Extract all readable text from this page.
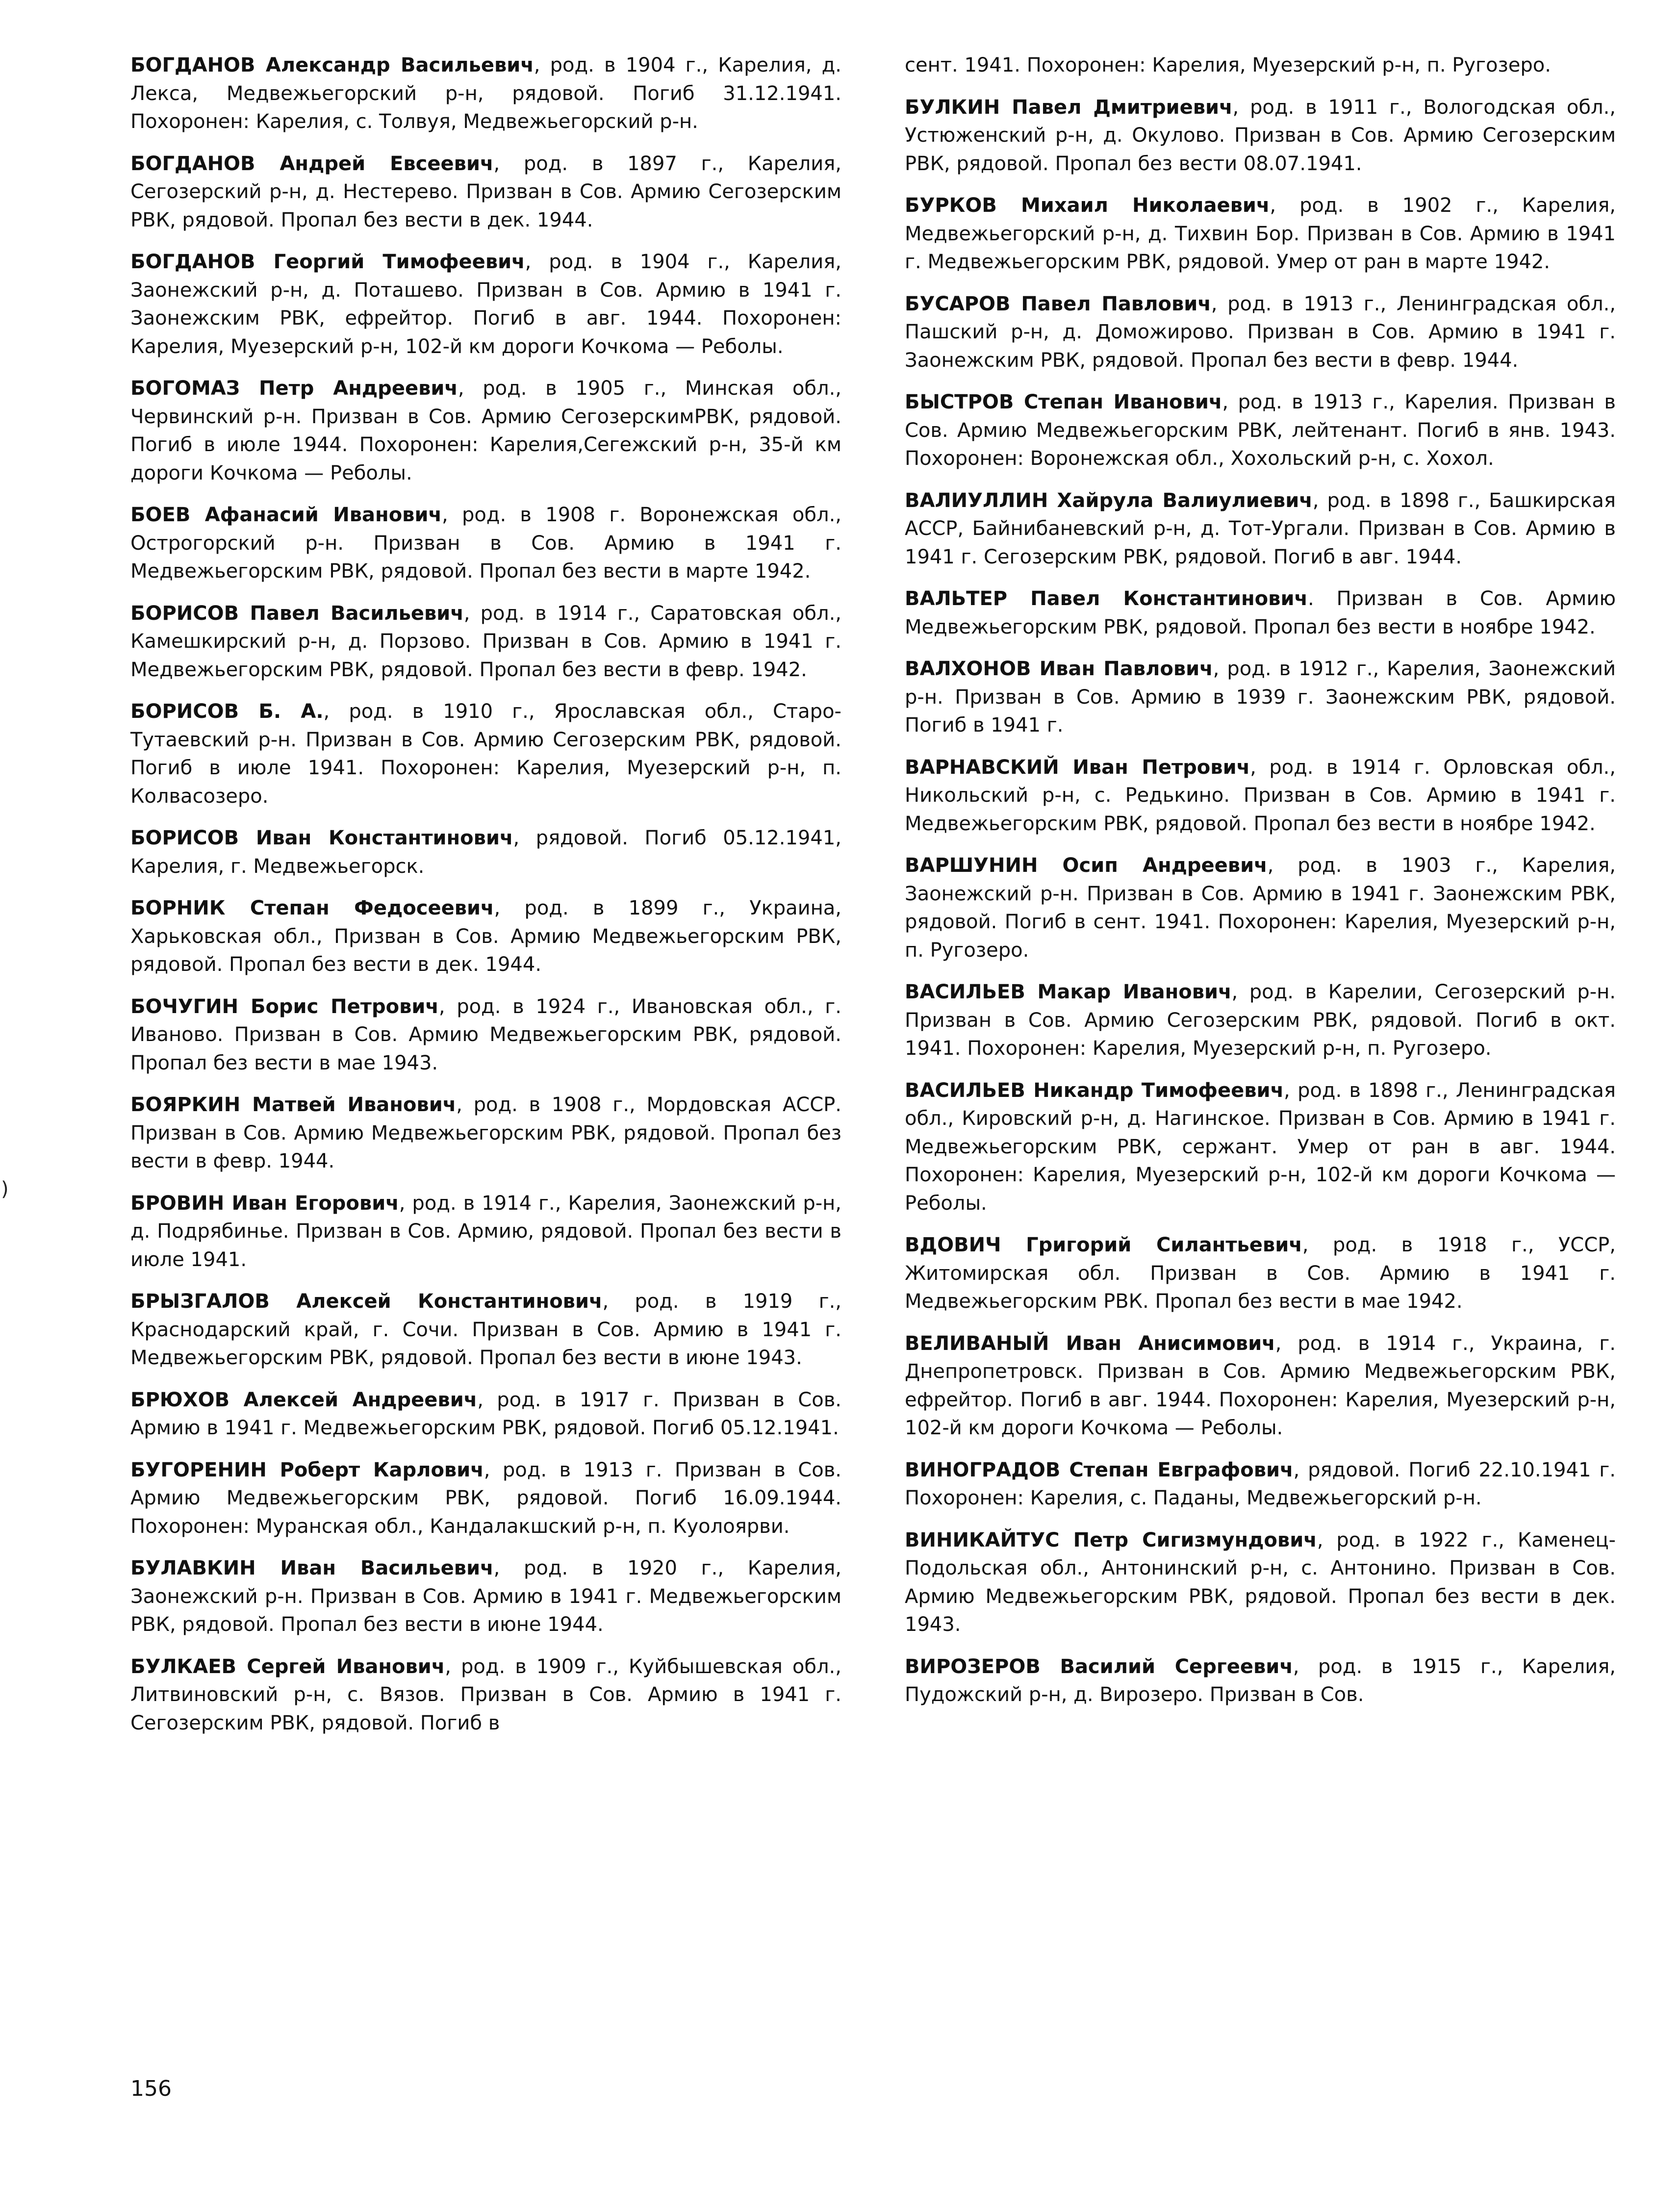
БОГДАНОВ Александр Васильевич, род. в 1904 г., Карелия, д. Лекса, Медвежьегорский р-н, рядовой. Погиб 31.12.1941. Похоронен: Карелия, с. Толвуя, Медвежьегорский р-н.

БОГДАНОВ Андрей Евсеевич, род. в 1897 г., Карелия, Сегозерский р-н, д. Нестерево. Призван в Сов. Армию Сегозерским РВК, рядовой. Пропал без вести в дек. 1944.

БОГДАНОВ Георгий Тимофеевич, род. в 1904 г., Карелия, Заонежский р-н, д. Поташево. Призван в Сов. Армию в 1941 г. Заонежским РВК, ефрейтор. Погиб в авг. 1944. Похоронен: Карелия, Муезерский р-н, 102-й км дороги Кочкома — Реболы.

БОГОМАЗ Петр Андреевич, род. в 1905 г., Минская обл., Червинский р-н. Призван в Сов. Армию СегозерскимРВК, рядовой. Погиб в июле 1944. Похоронен: Карелия,Сегежский р-н, 35-й км дороги Кочкома — Реболы.

БОЕВ Афанасий Иванович, род. в 1908 г. Воронежская обл., Острогорский р-н. Призван в Сов. Армию в 1941 г. Медвежьегорским РВК, рядовой. Пропал без вести в марте 1942.

БОРИСОВ Павел Васильевич, род. в 1914 г., Саратовская обл., Камешкирский р-н, д. Порзово. Призван в Сов. Армию в 1941 г. Медвежьегорским РВК, рядовой. Пропал без вести в февр. 1942.

БОРИСОВ Б. А., род. в 1910 г., Ярославская обл., Старо-Тутаевский р-н. Призван в Сов. Армию Сегозерским РВК, рядовой. Погиб в июле 1941. Похоронен: Карелия, Муезерский р-н, п. Колвасозеро.

БОРИСОВ Иван Константинович, рядовой. Погиб 05.12.1941, Карелия, г. Медвежьегорск.

БОРНИК Степан Федосеевич, род. в 1899 г., Украина, Харьковская обл., Призван в Сов. Армию Медвежьегорским РВК, рядовой. Пропал без вести в дек. 1944.

БОЧУГИН Борис Петрович, род. в 1924 г., Ивановская обл., г. Иваново. Призван в Сов. Армию Медвежьегорским РВК, рядовой. Пропал без вести в мае 1943.

БОЯРКИН Матвей Иванович, род. в 1908 г., Мордовская АССР. Призван в Сов. Армию Медвежьегорским РВК, рядовой. Пропал без вести в февр. 1944.

БРОВИН Иван Егорович, род. в 1914 г., Карелия, Заонежский р-н, д. Подрябинье. Призван в Сов. Армию, рядовой. Пропал без вести в июле 1941.

БРЫЗГАЛОВ Алексей Константинович, род. в 1919 г., Краснодарский край, г. Сочи. Призван в Сов. Армию в 1941 г. Медвежьегорским РВК, рядовой. Пропал без вести в июне 1943.

БРЮХОВ Алексей Андреевич, род. в 1917 г. Призван в Сов. Армию в 1941 г. Медвежьегорским РВК, рядовой. Погиб 05.12.1941.

БУГОРЕНИН Роберт Карлович, род. в 1913 г. Призван в Сов. Армию Медвежьегорским РВК, рядовой. Погиб 16.09.1944. Похоронен: Муранская обл., Кандалакшский р-н, п. Куолоярви.

БУЛАВКИН Иван Васильевич, род. в 1920 г., Карелия, Заонежский р-н. Призван в Сов. Армию в 1941 г. Медвежьегорским РВК, рядовой. Пропал без вести в июне 1944.

БУЛКАЕВ Сергей Иванович, род. в 1909 г., Куйбышевская обл., Литвиновский р-н, с. Вязов. Призван в Сов. Армию в 1941 г. Сегозерским РВК, рядовой. Погиб в

сент. 1941. Похоронен: Карелия, Муезерский р-н, п. Ругозеро.

БУЛКИН Павел Дмитриевич, род. в 1911 г., Вологодская обл., Устюженский р-н, д. Окулово. Призван в Сов. Армию Сегозерским РВК, рядовой. Пропал без вести 08.07.1941.

БУРКОВ Михаил Николаевич, род. в 1902 г., Карелия, Медвежьегорский р-н, д. Тихвин Бор. Призван в Сов. Армию в 1941 г. Медвежьегорским РВК, рядовой. Умер от ран в марте 1942.

БУСАРОВ Павел Павлович, род. в 1913 г., Ленинградская обл., Пашский р-н, д. Доможирово. Призван в Сов. Армию в 1941 г. Заонежским РВК, рядовой. Пропал без вести в февр. 1944.

БЫСТРОВ Степан Иванович, род. в 1913 г., Карелия. Призван в Сов. Армию Медвежьегорским РВК, лейтенант. Погиб в янв. 1943. Похоронен: Воронежская обл., Хохольский р-н, с. Хохол.

ВАЛИУЛЛИН Хайрула Валиулиевич, род. в 1898 г., Башкирская АССР, Байнибаневский р-н, д. Тот-Ургали. Призван в Сов. Армию в 1941 г. Сегозерским РВК, рядовой. Погиб в авг. 1944.

ВАЛЬТЕР Павел Константинович. Призван в Сов. Армию Медвежьегорским РВК, рядовой. Пропал без вести в ноябре 1942.

ВАЛХОНОВ Иван Павлович, род. в 1912 г., Карелия, Заонежский р-н. Призван в Сов. Армию в 1939 г. Заонежским РВК, рядовой. Погиб в 1941 г.

ВАРНАВСКИЙ Иван Петрович, род. в 1914 г. Орловская обл., Никольский р-н, с. Редькино. Призван в Сов. Армию в 1941 г. Медвежьегорским РВК, рядовой. Пропал без вести в ноябре 1942.

ВАРШУНИН Осип Андреевич, род. в 1903 г., Карелия, Заонежский р-н. Призван в Сов. Армию в 1941 г. Заонежским РВК, рядовой. Погиб в сент. 1941. Похоронен: Карелия, Муезерский р-н, п. Ругозеро.

ВАСИЛЬЕВ Макар Иванович, род. в Карелии, Сегозерский р-н. Призван в Сов. Армию Сегозерским РВК, рядовой. Погиб в окт. 1941. Похоронен: Карелия, Муезерский р-н, п. Ругозеро.

ВАСИЛЬЕВ Никандр Тимофеевич, род. в 1898 г., Ленинградская обл., Кировский р-н, д. Нагинское. Призван в Сов. Армию в 1941 г. Медвежьегорским РВК, сержант. Умер от ран в авг. 1944. Похоронен: Карелия, Муезерский р-н, 102-й км дороги Кочкома — Реболы.

ВДОВИЧ Григорий Силантьевич, род. в 1918 г., УССР, Житомирская обл. Призван в Сов. Армию в 1941 г. Медвежьегорским РВК. Пропал без вести в мае 1942.

ВЕЛИВАНЫЙ Иван Анисимович, род. в 1914 г., Украина, г. Днепропетровск. Призван в Сов. Армию Медвежьегорским РВК, ефрейтор. Погиб в авг. 1944. Похоронен: Карелия, Муезерский р-н, 102-й км дороги Кочкома — Реболы.

ВИНОГРАДОВ Степан Евграфович, рядовой. Погиб 22.10.1941 г. Похоронен: Карелия, с. Паданы, Медвежьегорский р-н.

ВИНИКАЙТУС Петр Сигизмундович, род. в 1922 г., Каменец-Подольская обл., Антонинский р-н, с. Антонино. Призван в Сов. Армию Медвежьегорским РВК, рядовой. Пропал без вести в дек. 1943.

ВИРОЗЕРОВ Василий Сергеевич, род. в 1915 г., Карелия, Пудожский р-н, д. Вирозеро. Призван в Сов.

156
)
